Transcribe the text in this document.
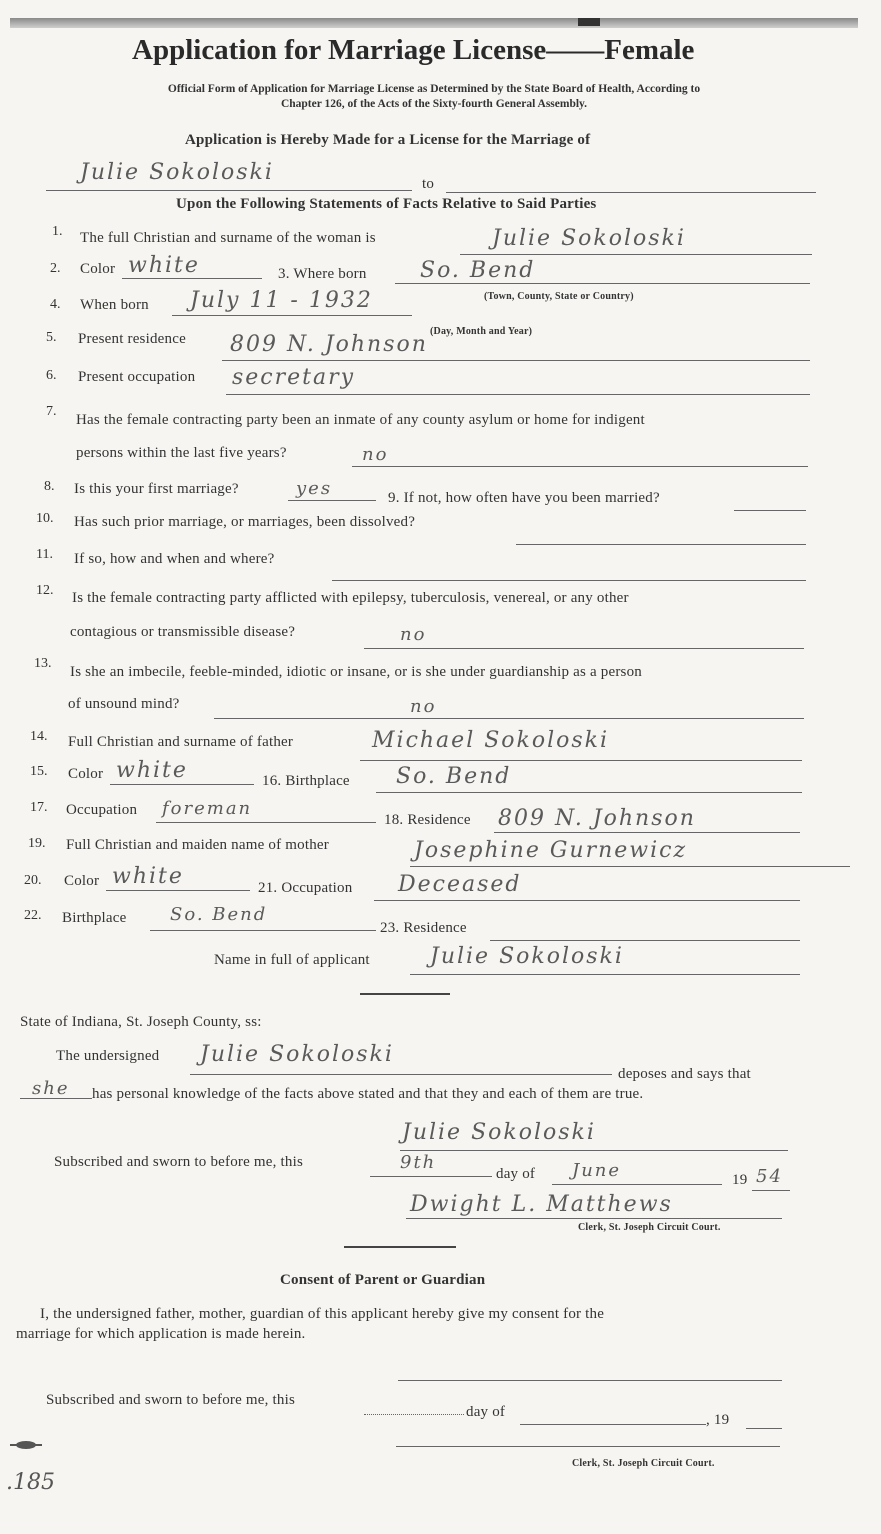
Application for Marriage License——Female
Official Form of Application for Marriage License as Determined by the State Board of Health, According to
Chapter 126, of the Acts of the Sixty-fourth General Assembly.
Application is Hereby Made for a License for the Marriage of
Julie Sokoloski	to
Upon the Following Statements of Facts Relative to Said Parties
1. The full Christian and surname of the woman is	Julie Sokoloski
2. Color white	3. Where born So. Bend
(Town, County, State or Country)
4. When born July 11 - 1932
(Day, Month and Year)
5. Present residence 809 N. Johnson
6. Present occupation secretary
7.
Has the female contracting party been an inmate of any county asylum or home for indigent
persons within the last five years?	no
8. Is this your first marriage?	yes	9. If not, how often have you been married?
10. Has such prior marriage, or marriages, been dissolved?
11. If so, how and when and where?
12. Is the female contracting party afflicted with epilepsy, tuberculosis, venereal, or any other
contagious or transmissible disease?	no
13.
Is she an imbecile, feeble-minded, idiotic or insane, or is she under guardianship as a person
of unsound mind?	no
14. Full Christian and surname of father	Michael Sokoloski
15. Color white	16. Birthplace So. Bend
17. Occupation foreman
18. Residence 809 N. Johnson
19. Full Christian and maiden name of mother	Josephine Gurnewicz
20. Color white	21. Occupation Deceased
22. Birthplace So. Bend
23. Residence
Name in full of applicant	Julie Sokoloski
State of Indiana, St. Joseph County, ss:
The undersigned Julie Sokoloski
deposes and says that
she has personal knowledge of the facts above stated and that they and each of them are true.
Julie Sokoloski
Subscribed and sworn to before me, this	9th
day of June	19 54
Dwight L. Matthews
Clerk, St. Joseph Circuit Court.
Consent of Parent or Guardian
I, the undersigned father, mother, guardian of this applicant hereby give my consent for the
marriage for which application is made herein.
Subscribed and sworn to before me, this
day of	, 19
Clerk, St. Joseph Circuit Court.
.185
